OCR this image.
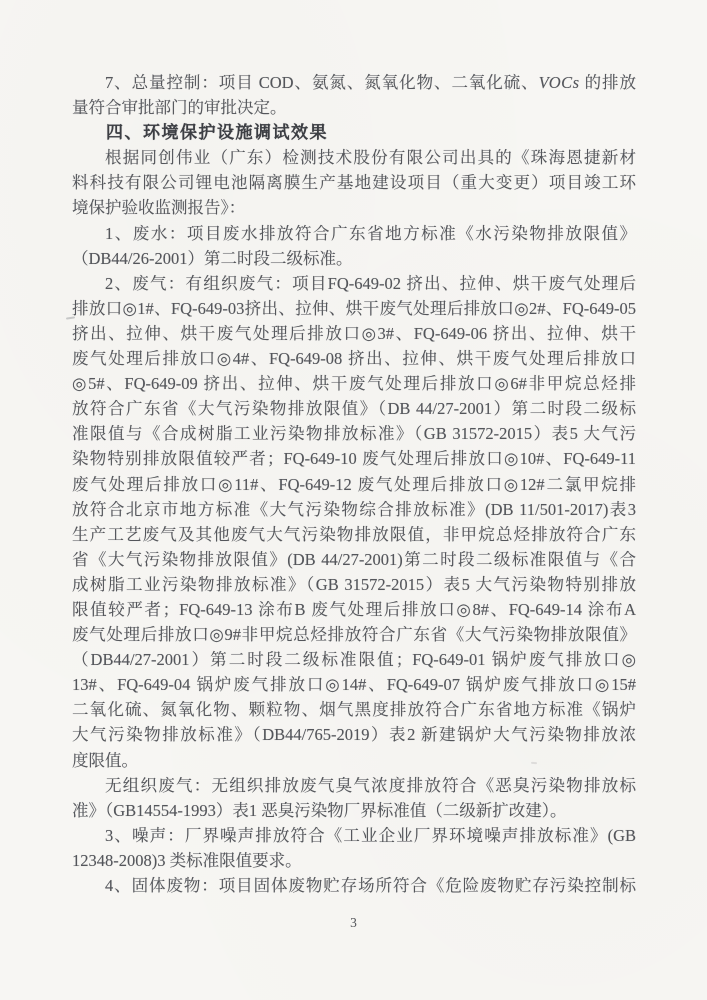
7、总量控制：项目 COD、氨氮、氮氧化物、二氧化硫、VOCs 的排放
量符合审批部门的审批决定。
四、环境保护设施调试效果
根据同创伟业（广东）检测技术股份有限公司出具的《珠海恩捷新材
料科技有限公司锂电池隔离膜生产基地建设项目（重大变更）项目竣工环
境保护验收监测报告》：
1、废水：项目废水排放符合广东省地方标准《水污染物排放限值》
（DB44/26-2001）第二时段二级标准。
2、废气：有组织废气：项目FQ-649-02 挤出、拉伸、烘干废气处理后
排放口◎1#、FQ-649-03挤出、拉伸、烘干废气处理后排放口◎2#、FQ-649-05
挤出、拉伸、烘干废气处理后排放口◎3#、FQ-649-06 挤出、拉伸、烘干
废气处理后排放口◎4#、FQ-649-08 挤出、拉伸、烘干废气处理后排放口
◎5#、FQ-649-09 挤出、拉伸、烘干废气处理后排放口◎6#非甲烷总烃排
放符合广东省《大气污染物排放限值》（DB 44/27-2001）第二时段二级标
准限值与《合成树脂工业污染物排放标准》（GB 31572-2015）表5 大气污
染物特别排放限值较严者；FQ-649-10 废气处理后排放口◎10#、FQ-649-11
废气处理后排放口◎11#、FQ-649-12 废气处理后排放口◎12#二氯甲烷排
放符合北京市地方标准《大气污染物综合排放标准》(DB 11/501-2017)表3
生产工艺废气及其他废气大气污染物排放限值，非甲烷总烃排放符合广东
省《大气污染物排放限值》(DB 44/27-2001)第二时段二级标准限值与《合
成树脂工业污染物排放标准》（GB 31572-2015）表5 大气污染物特别排放
限值较严者；FQ-649-13 涂布B 废气处理后排放口◎8#、FQ-649-14 涂布A
废气处理后排放口◎9#非甲烷总烃排放符合广东省《大气污染物排放限值》
（DB44/27-2001）第二时段二级标准限值；FQ-649-01 锅炉废气排放口◎
13#、FQ-649-04 锅炉废气排放口◎14#、FQ-649-07 锅炉废气排放口◎15#
二氧化硫、氮氧化物、颗粒物、烟气黑度排放符合广东省地方标准《锅炉
大气污染物排放标准》（DB44/765-2019）表2 新建锅炉大气污染物排放浓
度限值。
无组织废气：无组织排放废气臭气浓度排放符合《恶臭污染物排放标
准》（GB14554-1993）表1 恶臭污染物厂界标准值（二级新扩改建）。
3、噪声：厂界噪声排放符合《工业企业厂界环境噪声排放标准》(GB
12348-2008)3 类标准限值要求。
4、固体废物：项目固体废物贮存场所符合《危险废物贮存污染控制标
3
